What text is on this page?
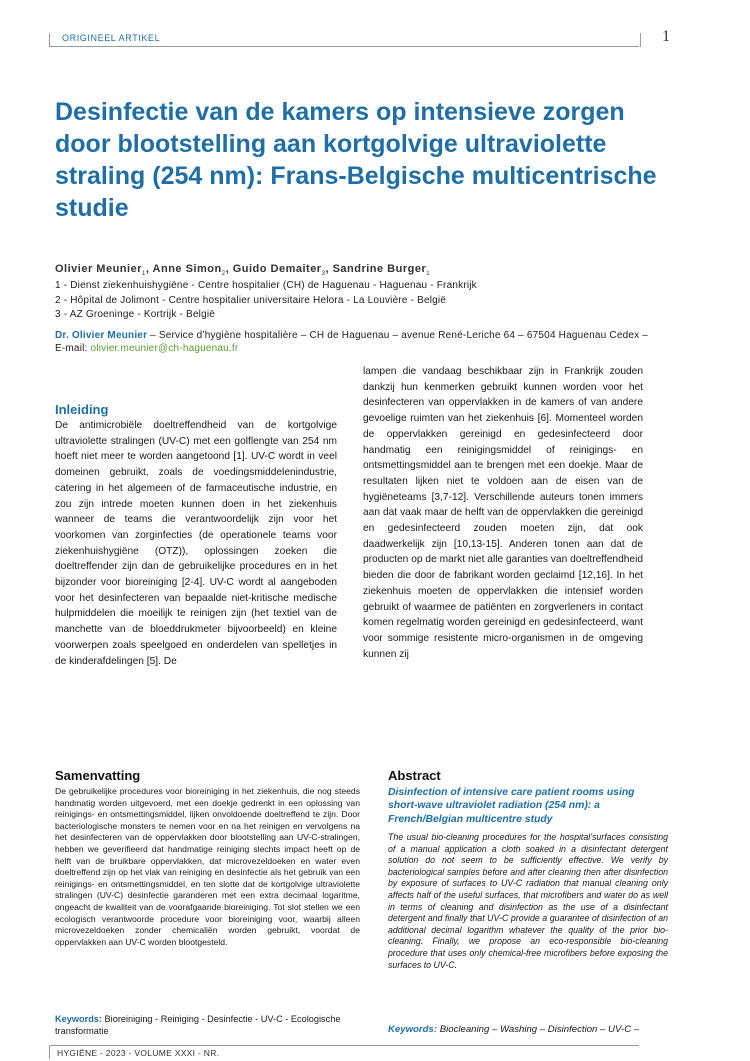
ORIGINEEL ARTIKEL	1
Desinfectie van de kamers op intensieve zorgen door blootstelling aan kortgolvige ultraviolette straling (254 nm): Frans-Belgische multicentrische studie
Olivier Meunier$_1$, Anne Simon$_2$, Guido Demaiter$_3$, Sandrine Burger$_1$
1 - Dienst ziekenhuishygiëne - Centre hospitalier (CH) de Haguenau - Haguenau - Frankrijk
2 - Hôpital de Jolimont - Centre hospitalier universitaire Helora - La Louvière - België
3 - AZ Groeninge - Kortrijk - België
Dr. Olivier Meunier – Service d’hygiène hospitalière – CH de Haguenau – avenue René-Leriche 64 – 67504 Haguenau Cedex – E-mail: olivier.meunier@ch-haguenau.fr
Inleiding
De antimicrobiële doeltreffendheid van de kortgolvige ultraviolette stralingen (UV-C) met een golflengte van 254 nm hoeft niet meer te worden aangetoond [1]. UV-C wordt in veel domeinen gebruikt, zoals de voedingsmiddelenindustrie, catering in het algemeen of de farmaceutische industrie, en zou zijn intrede moeten kunnen doen in het ziekenhuis wanneer de teams die verantwoordelijk zijn voor het voorkomen van zorginfecties (de operationele teams voor ziekenhuishygiëne (OTZ)), oplossingen zoeken die doeltreffender zijn dan de gebruikelijke procedures en in het bijzonder voor bioreiniging [2-4]. UV-C wordt al aangeboden voor het desinfecteren van bepaalde niet-kritische medische hulpmiddelen die moeilijk te reinigen zijn (het textiel van de manchette van de bloeddrukmeter bijvoorbeeld) en kleine voorwerpen zoals speelgoed en onderdelen van spelletjes in de kinderafdelingen [5]. De
lampen die vandaag beschikbaar zijn in Frankrijk zouden dankzij hun kenmerken gebruikt kunnen worden voor het desinfecteren van oppervlakken in de kamers of van andere gevoelige ruimten van het ziekenhuis [6]. Momenteel worden de oppervlakken gereinigd en gedesinfecteerd door handmatig een reinigingsmiddel of reinigings- en ontsmettingsmiddel aan te brengen met een doekje. Maar de resultaten lijken niet te voldoen aan de eisen van de hygiëneteams [3,7-12]. Verschillende auteurs tonen immers aan dat vaak maar de helft van de oppervlakken die gereinigd en gedesinfecteerd zouden moeten zijn, dat ook daadwerkelijk zijn [10,13-15]. Anderen tonen aan dat de producten op de markt niet alle garanties van doeltreffendheid bieden die door de fabrikant worden geclaimd [12,16]. In het ziekenhuis moeten de oppervlakken die intensief worden gebruikt of waarmee de patiënten en zorgverleners in contact komen regelmatig worden gereinigd en gedesinfecteerd, want voor sommige resistente micro-organismen in de omgeving kunnen zij
Samenvatting
De gebruikelijke procedures voor bioreiniging in het ziekenhuis, die nog steeds handmatig worden uitgevoerd, met een doekje gedrenkt in een oplossing van reinigings- en ontsmettingsmiddel, lijken onvoldoende doeltreffend te zijn. Door bacteriologische monsters te nemen voor en na het reinigen en vervolgens na het desinfecteren van de oppervlakken door blootstelling aan UV-C-stralingen, hebben we geverifieerd dat handmatige reiniging slechts impact heeft op de helft van de bruikbare oppervlakken, dat microvezeldoeken en water even doeltreffend zijn op het vlak van reiniging en desinfectie als het gebruik van een reinigings- en ontsmettingsmiddel, en ten slotte dat de kortgolvige ultraviolette stralingen (UV-C) desinfectie garanderen met een extra decimaal logaritme, ongeacht de kwaliteit van de voorafgaande bioreiniging. Tot slot stellen we een ecologisch verantwoorde procedure voor bioreiniging voor, waarbij alleen microvezeldoeken zonder chemicaliën worden gebruikt, voordat de oppervlakken aan UV-C worden blootgesteld.
Keywords: Bioreiniging - Reiniging - Desinfectie - UV-C - Ecologische transformatie
Abstract
Disinfection of intensive care patient rooms using short-wave ultraviolet radiation (254 nm): a French/Belgian multicentre study
The usual bio-cleaning procedures for the hospital’surfaces consisting of a manual application a cloth soaked in a disinfectant detergent solution do not seem to be sufficiently effective. We verify by bacteriological samples before and after cleaning then after disinfection by exposure of surfaces to UV-C radiation that manual cleaning only affects half of the useful surfaces, that microfibers and water do as well in terms of cleaning and disinfection as the use of a disinfectant detergent and finally that UV-C provide a guarantee of disinfection of an additional decimal logarithm whatever the quality of the prior bio-cleaning. Finally, we propose an eco-responsible bio-cleaning procedure that uses only chemical-free microfibers before exposing the surfaces to UV-C.
Keywords: Biocleaning – Washing – Disinfection – UV-C –
HYGIËNE - 2023 - VOLUME XXXI - NR.
